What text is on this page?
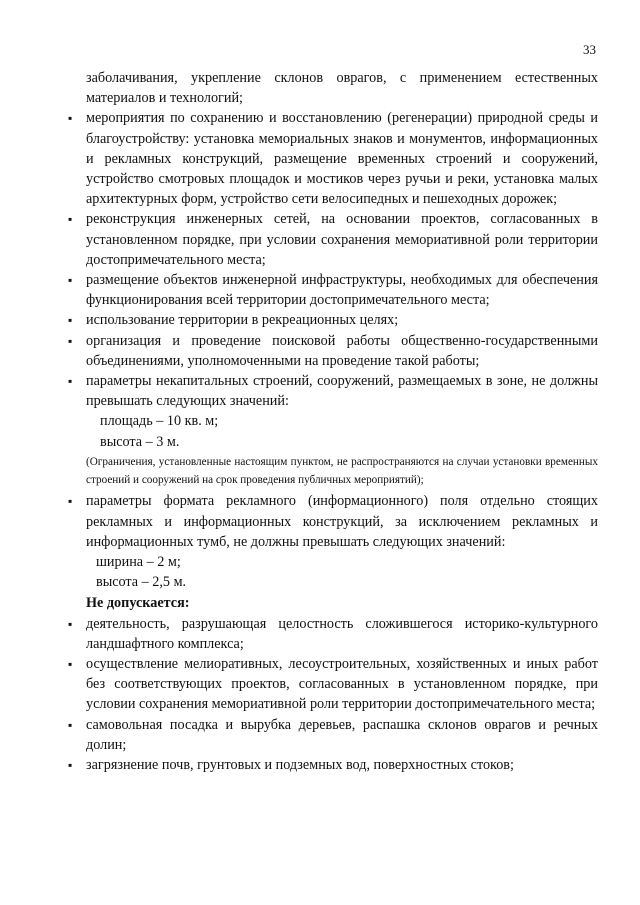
33

заболачивания, укрепление склонов оврагов, с применением естественных материалов и технологий;

▪ мероприятия по сохранению и восстановлению (регенерации) природной среды и благоустройству: установка мемориальных знаков и монументов, информационных и рекламных конструкций, размещение временных строений и сооружений, устройство смотровых площадок и мостиков через ручьи и реки, установка малых архитектурных форм, устройство сети велосипедных и пешеходных дорожек;

▪ реконструкция инженерных сетей, на основании проектов, согласованных в установленном порядке, при условии сохранения мемориативной роли территории достопримечательного места;

▪ размещение объектов инженерной инфраструктуры, необходимых для обеспечения функционирования всей территории достопримечательного места;

▪ использование территории в рекреационных целях;

▪ организация и проведение поисковой работы общественно-государственными объединениями, уполномоченными на проведение такой работы;

▪ параметры некапитальных строений, сооружений, размещаемых в зоне, не должны превышать следующих значений:

площадь – 10 кв. м;

высота – 3 м.

(Ограничения, установленные настоящим пунктом, не распространяются на случаи установки временных строений и сооружений на срок проведения публичных мероприятий);

▪ параметры формата рекламного (информационного) поля отдельно стоящих рекламных и информационных конструкций, за исключением рекламных и информационных тумб, не должны превышать следующих значений:

ширина – 2 м;

высота – 2,5 м.

Не допускается:

▪ деятельность, разрушающая целостность сложившегося историко-культурного ландшафтного комплекса;

▪ осуществление мелиоративных, лесоустроительных, хозяйственных и иных работ без соответствующих проектов, согласованных в установленном порядке, при условии сохранения мемориативной роли территории достопримечательного места;

▪ самовольная посадка и вырубка деревьев, распашка склонов оврагов и речных долин;

▪ загрязнение почв, грунтовых и подземных вод, поверхностных стоков;
